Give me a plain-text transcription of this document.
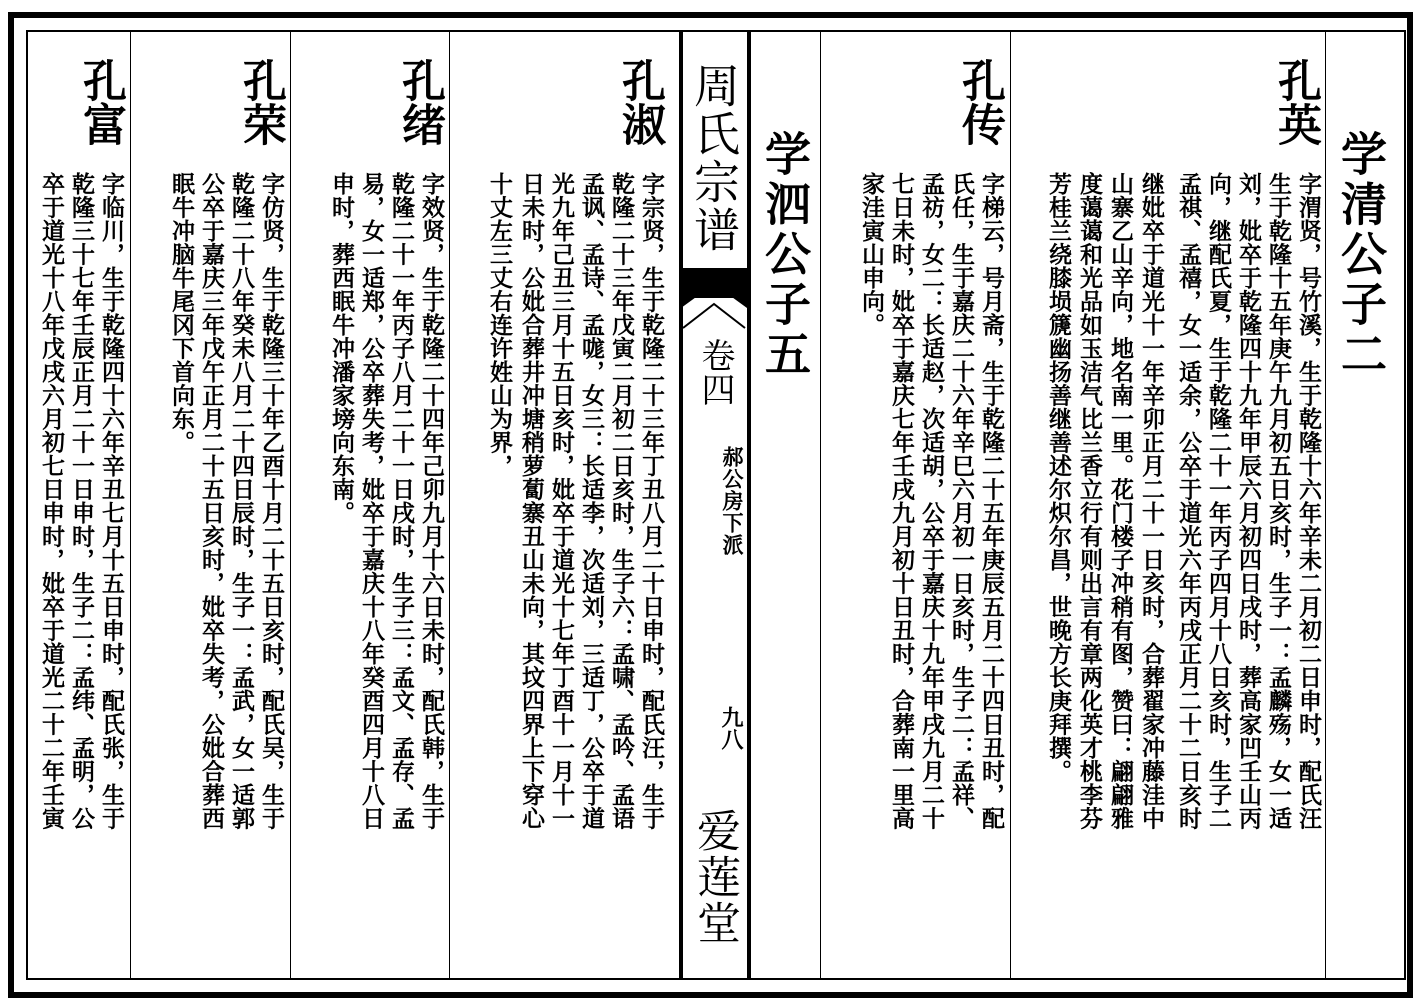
学清公子二
孔英
字渭贤，号竹溪，生于乾隆十六年辛未二月初二日申时，配氏汪
生于乾隆十五年庚午九月初五日亥时，生子一：孟麟殇，女一适
刘，妣卒于乾隆四十九年甲辰六月初四日戌时，葬高家凹壬山丙
向，继配氏夏，生于乾隆二十一年丙子四月十八日亥时，生子二
孟祺、孟禧，女一适余，公卒于道光六年丙戌正月二十二日亥时
继妣卒于道光十一年辛卯正月二十一日亥时，合葬翟家冲藤洼中
山寨乙山辛向，地名南一里。花门楼子冲稍有图，赞曰：翩翩雅
度蔼蔼和光品如玉洁气比兰香立行有则出言有章两化英才桃李芬
芳桂兰绕膝埙篪幽扬善继善述尔炽尔昌，世晚方长庚拜撰。
孔传
字梯云，号月斋，生于乾隆二十五年庚辰五月二十四日丑时，配
氏任，生于嘉庆二十六年辛巳六月初一日亥时，生子二：孟祥、
孟祊，女二：长适赵，次适胡，公卒于嘉庆十九年甲戌九月二十
七日未时，妣卒于嘉庆七年壬戌九月初十日丑时，合葬南一里高
家洼寅山申向。
学泗公子五
周氏宗谱
卷四
郝公房下派
九八
爱莲堂
孔淑
字宗贤，生于乾隆二十三年丁丑八月二十日申时，配氏汪，生于
乾隆二十三年戊寅二月初二日亥时，生子六：孟啸、孟吟、孟语
孟讽、孟诗、孟哤，女三：长适李，次适刘，三适丁，公卒于道
光九年己丑三月十五日亥时，妣卒于道光十七年丁酉十一月十一
日未时，公妣合葬井冲塘稍萝蔔寨丑山未向，其坟四界上下穿心
十丈左三丈右连许姓山为界，
孔绪
字效贤，生于乾隆二十四年己卯九月十六日未时，配氏韩，生于
乾隆二十一年丙子八月二十一日戌时，生子三：孟文、孟存、孟
易，女一适郑，公卒葬失考，妣卒于嘉庆十八年癸酉四月十八日
申时，葬西眠牛冲潘家塝向东南。
孔荣
字仿贤，生于乾隆三十年乙酉十月二十五日亥时，配氏吴，生于
乾隆二十八年癸未八月二十四日辰时，生子一：孟武，女一适郭
公卒于嘉庆三年戊午正月二十五日亥时，妣卒失考，公妣合葬西
眠牛冲脑牛尾冈下首向东。
孔富
字临川，生于乾隆四十六年辛丑七月十五日申时，配氏张，生于
乾隆三十七年壬辰正月二十一日申时，生子二：孟纬、孟明，公
卒于道光十八年戊戌六月初七日申时，妣卒于道光二十二年壬寅
